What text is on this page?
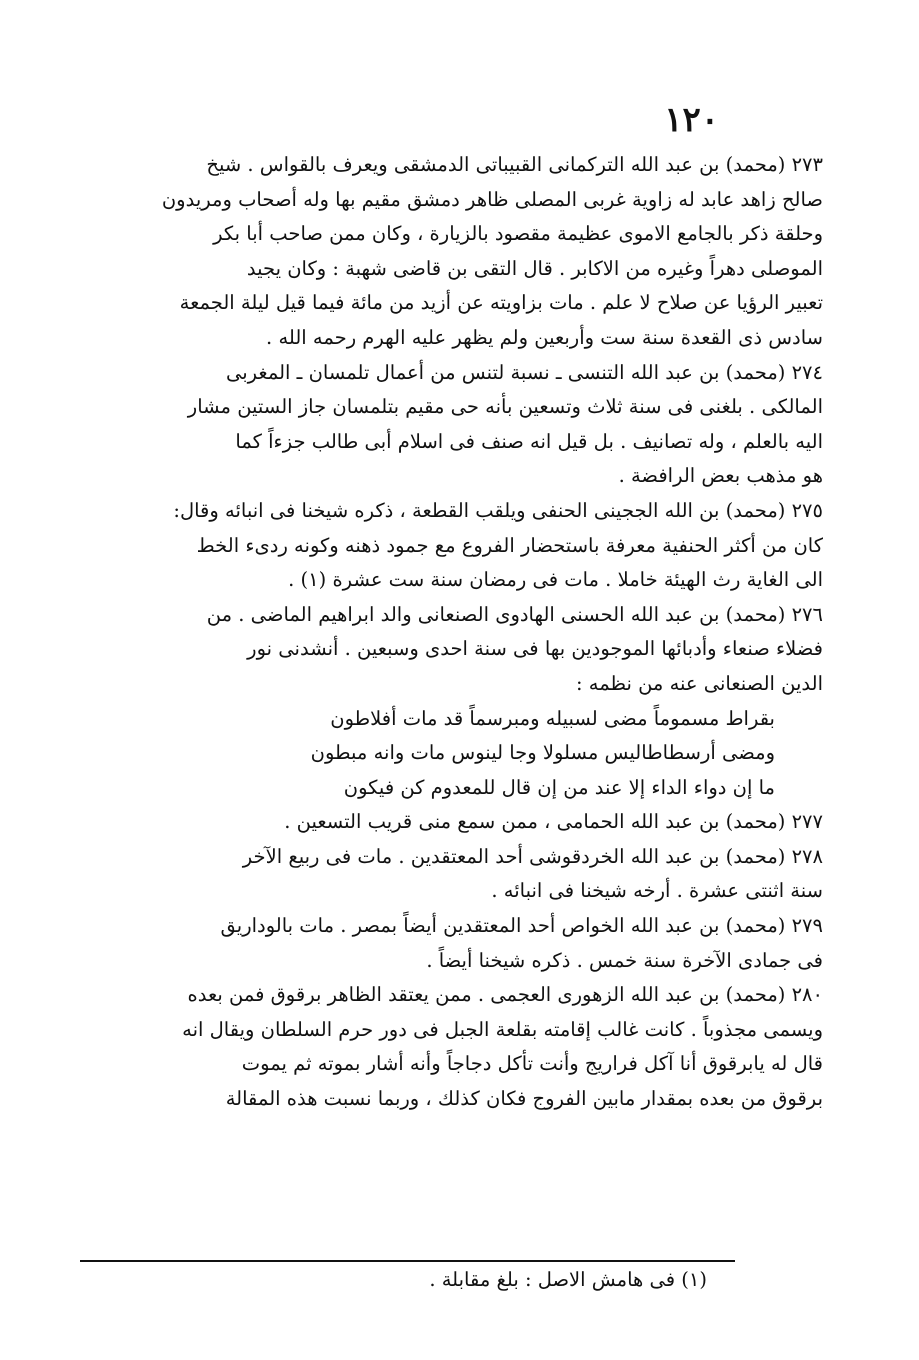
١٢٠
٢٧٣ (محمد) بن عبد الله التركمانى القبيباتى الدمشقى ويعرف بالقواس . شيخ
صالح زاهد عابد له زاوية غربى المصلى ظاهر دمشق مقيم بها وله أصحاب ومريدون
وحلقة ذكر بالجامع الاموى عظيمة مقصود بالزيارة ، وكان ممن صاحب أبا بكر
الموصلى دهراً وغيره من الاكابر . قال التقى بن قاضى شهبة : وكان يجيد
تعبير الرؤيا عن صلاح لا علم . مات بزاويته عن أزيد من مائة فيما قيل ليلة الجمعة
سادس ذى القعدة سنة ست وأربعين ولم يظهر عليه الهرم رحمه الله .
٢٧٤ (محمد) بن عبد الله التنسى ـ نسبة لتنس من أعمال تلمسان ـ المغربى
المالكى . بلغنى فى سنة ثلاث وتسعين بأنه حى مقيم بتلمسان جاز الستين مشار
اليه بالعلم ، وله تصانيف . بل قيل انه صنف فى اسلام أبى طالب جزءاً كما
هو مذهب بعض الرافضة .
٢٧٥ (محمد) بن الله الججينى الحنفى ويلقب القطعة ، ذكره شيخنا فى انبائه وقال:
كان من أكثر الحنفية معرفة باستحضار الفروع مع جمود ذهنه وكونه ردىء الخط
الى الغاية رث الهيئة خاملا . مات فى رمضان سنة ست عشرة (١) .
٢٧٦ (محمد) بن عبد الله الحسنى الهادوى الصنعانى والد ابراهيم الماضى . من
فضلاء صنعاء وأدبائها الموجودين بها فى سنة احدى وسبعين . أنشدنى نور
الدين الصنعانى عنه من نظمه :
بقراط مسموماً مضى لسبيله ومبرسماً قد مات أفلاطون
ومضى أرسطاطاليس مسلولا وجا لينوس مات وانه مبطون
ما إن دواء الداء إلا عند من إن قال للمعدوم كن فيكون
٢٧٧ (محمد) بن عبد الله الحمامى ، ممن سمع منى قريب التسعين .
٢٧٨ (محمد) بن عبد الله الخردقوشى أحد المعتقدين . مات فى ربيع الآخر
سنة اثنتى عشرة . أرخه شيخنا فى انبائه .
٢٧٩ (محمد) بن عبد الله الخواص أحد المعتقدين أيضاً بمصر . مات بالوداريق
فى جمادى الآخرة سنة خمس . ذكره شيخنا أيضاً .
٢٨٠ (محمد) بن عبد الله الزهورى العجمى . ممن يعتقد الظاهر برقوق فمن بعده
ويسمى مجذوباً . كانت غالب إقامته بقلعة الجبل فى دور حرم السلطان ويقال انه
قال له يابرقوق أنا آكل فراريج وأنت تأكل دجاجاً وأنه أشار بموته ثم يموت
برقوق من بعده بمقدار مابين الفروج فكان كذلك ، وربما نسبت هذه المقالة
(١) فى هامش الاصل : بلغ مقابلة .
